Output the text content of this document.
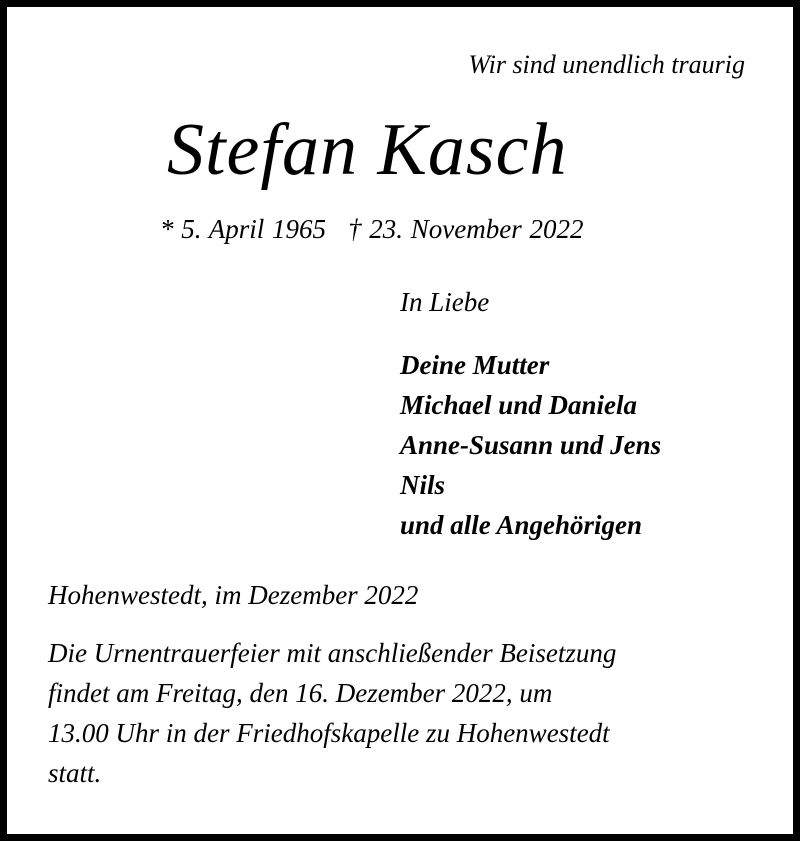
Wir sind unendlich traurig

Stefan Kasch

* 5. April 1965 † 23. November 2022

In Liebe

Deine Mutter
Michael und Daniela
Anne-Susann und Jens
Nils
und alle Angehörigen

Hohenwestedt, im Dezember 2022

Die Urnentrauerfeier mit anschließender Beisetzung
findet am Freitag, den 16. Dezember 2022, um
13.00 Uhr in der Friedhofskapelle zu Hohenwestedt
statt.
